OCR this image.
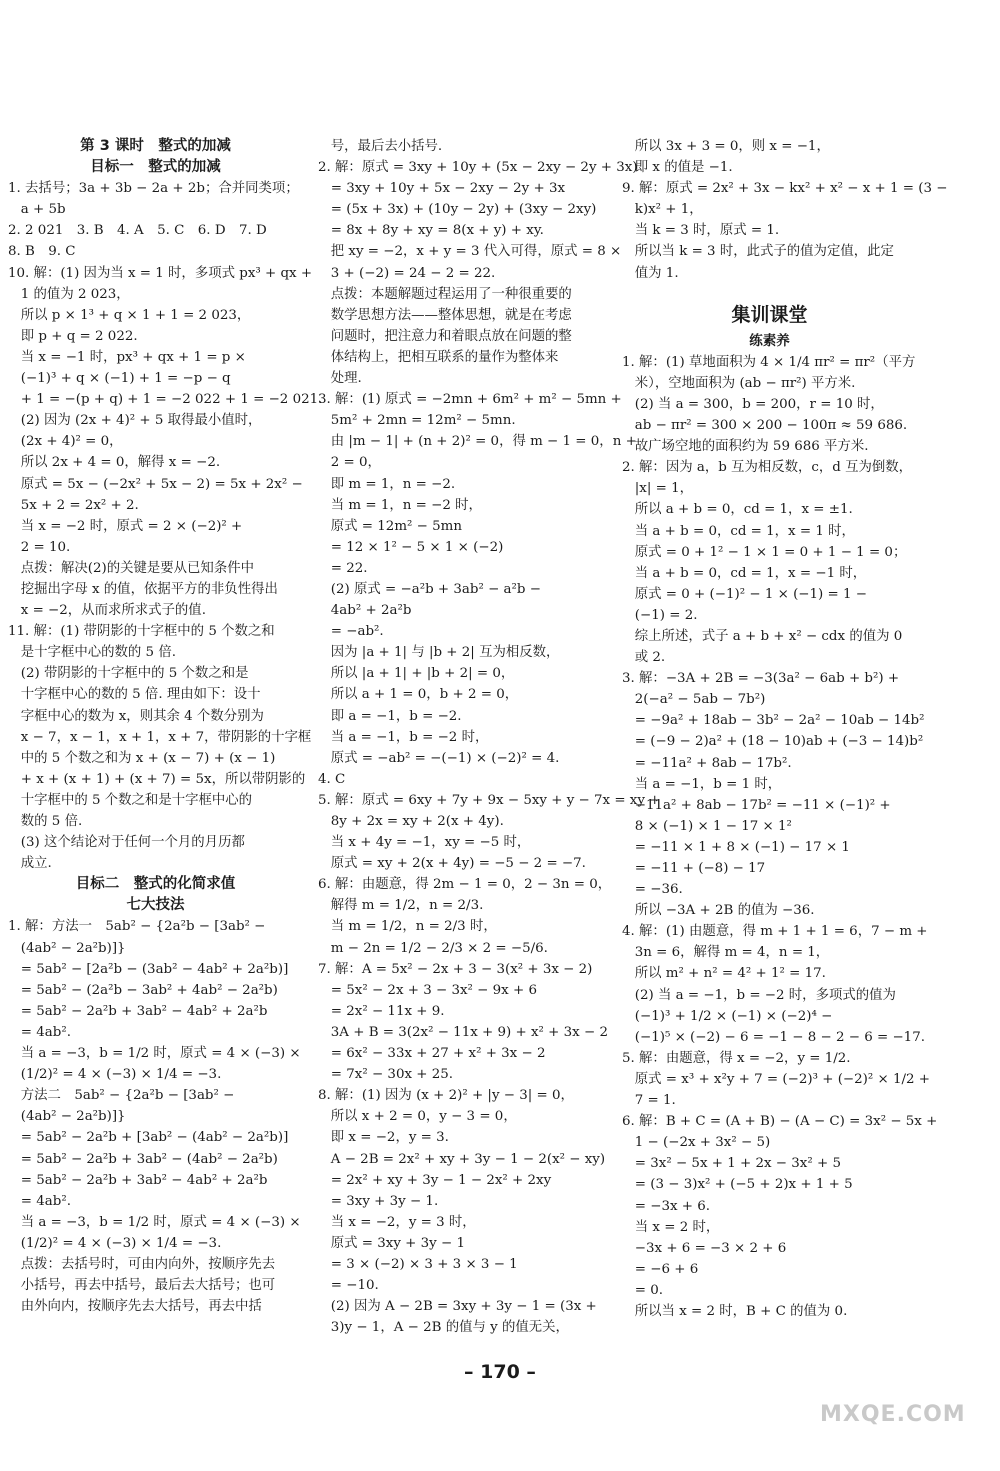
第 3 课时　整式的加减
目标一　整式的加减
1. 去括号；3a + 3b − 2a + 2b；合并同类项；
a + 5b
2. 2 021　3. B　4. A　5. C　6. D　7. D
8. B　9. C
10. 解：(1) 因为当 x = 1 时，多项式 px³ + qx +
1 的值为 2 023，
所以 p × 1³ + q × 1 + 1 = 2 023，
即 p + q = 2 022.
当 x = −1 时，px³ + qx + 1 = p ×
(−1)³ + q × (−1) + 1 = −p − q
+ 1 = −(p + q) + 1 = −2 022 + 1 = −2 021.
(2) 因为 (2x + 4)² + 5 取得最小值时，
(2x + 4)² = 0，
所以 2x + 4 = 0，解得 x = −2.
原式 = 5x − (−2x² + 5x − 2) = 5x + 2x² −
5x + 2 = 2x² + 2.
当 x = −2 时，原式 = 2 × (−2)² +
2 = 10.
点拨：解决(2)的关键是要从已知条件中
挖掘出字母 x 的值，依据平方的非负性得出
x = −2，从而求所求式子的值.
11. 解：(1) 带阴影的十字框中的 5 个数之和
是十字框中心的数的 5 倍.
(2) 带阴影的十字框中的 5 个数之和是
十字框中心的数的 5 倍. 理由如下：设十
字框中心的数为 x，则其余 4 个数分别为
x − 7，x − 1，x + 1，x + 7，带阴影的十字框
中的 5 个数之和为 x + (x − 7) + (x − 1)
+ x + (x + 1) + (x + 7) = 5x，所以带阴影的
十字框中的 5 个数之和是十字框中心的
数的 5 倍.
(3) 这个结论对于任何一个月的月历都
成立.
目标二　整式的化简求值
七大技法
1. 解：方法一　5ab² − {2a²b − [3ab² −
(4ab² − 2a²b)]}
= 5ab² − [2a²b − (3ab² − 4ab² + 2a²b)]
= 5ab² − (2a²b − 3ab² + 4ab² − 2a²b)
= 5ab² − 2a²b + 3ab² − 4ab² + 2a²b
= 4ab².
当 a = −3，b = 1/2 时，原式 = 4 × (−3) ×
(1/2)² = 4 × (−3) × 1/4 = −3.
方法二　5ab² − {2a²b − [3ab² −
(4ab² − 2a²b)]}
= 5ab² − 2a²b + [3ab² − (4ab² − 2a²b)]
= 5ab² − 2a²b + 3ab² − (4ab² − 2a²b)
= 5ab² − 2a²b + 3ab² − 4ab² + 2a²b
= 4ab².
当 a = −3，b = 1/2 时，原式 = 4 × (−3) ×
(1/2)² = 4 × (−3) × 1/4 = −3.
点拨：去括号时，可由内向外，按顺序先去
小括号，再去中括号，最后去大括号；也可
由外向内，按顺序先去大括号，再去中括
号，最后去小括号.
2. 解：原式 = 3xy + 10y + (5x − 2xy − 2y + 3x)
= 3xy + 10y + 5x − 2xy − 2y + 3x
= (5x + 3x) + (10y − 2y) + (3xy − 2xy)
= 8x + 8y + xy = 8(x + y) + xy.
把 xy = −2，x + y = 3 代入可得，原式 = 8 ×
3 + (−2) = 24 − 2 = 22.
点拨：本题解题过程运用了一种很重要的
数学思想方法——整体思想，就是在考虑
问题时，把注意力和着眼点放在问题的整
体结构上，把相互联系的量作为整体来
处理.
3. 解：(1) 原式 = −2mn + 6m² + m² − 5mn +
5m² + 2mn = 12m² − 5mn.
由 |m − 1| + (n + 2)² = 0，得 m − 1 = 0，n +
2 = 0，
即 m = 1，n = −2.
当 m = 1，n = −2 时，
原式 = 12m² − 5mn
= 12 × 1² − 5 × 1 × (−2)
= 22.
(2) 原式 = −a²b + 3ab² − a²b −
4ab² + 2a²b
= −ab².
因为 |a + 1| 与 |b + 2| 互为相反数，
所以 |a + 1| + |b + 2| = 0，
所以 a + 1 = 0，b + 2 = 0，
即 a = −1，b = −2.
当 a = −1，b = −2 时，
原式 = −ab² = −(−1) × (−2)² = 4.
4. C
5. 解：原式 = 6xy + 7y + 9x − 5xy + y − 7x = xy +
8y + 2x = xy + 2(x + 4y).
当 x + 4y = −1，xy = −5 时，
原式 = xy + 2(x + 4y) = −5 − 2 = −7.
6. 解：由题意，得 2m − 1 = 0，2 − 3n = 0，
解得 m = 1/2，n = 2/3.
当 m = 1/2，n = 2/3 时，
m − 2n = 1/2 − 2/3 × 2 = −5/6.
7. 解：A = 5x² − 2x + 3 − 3(x² + 3x − 2)
= 5x² − 2x + 3 − 3x² − 9x + 6
= 2x² − 11x + 9.
3A + B = 3(2x² − 11x + 9) + x² + 3x − 2
= 6x² − 33x + 27 + x² + 3x − 2
= 7x² − 30x + 25.
8. 解：(1) 因为 (x + 2)² + |y − 3| = 0，
所以 x + 2 = 0，y − 3 = 0，
即 x = −2，y = 3.
A − 2B = 2x² + xy + 3y − 1 − 2(x² − xy)
= 2x² + xy + 3y − 1 − 2x² + 2xy
= 3xy + 3y − 1.
当 x = −2，y = 3 时，
原式 = 3xy + 3y − 1
= 3 × (−2) × 3 + 3 × 3 − 1
= −10.
(2) 因为 A − 2B = 3xy + 3y − 1 = (3x +
3)y − 1，A − 2B 的值与 y 的值无关，
所以 3x + 3 = 0，则 x = −1，
即 x 的值是 −1.
9. 解：原式 = 2x² + 3x − kx² + x² − x + 1 = (3 −
k)x² + 1，
当 k = 3 时，原式 = 1.
所以当 k = 3 时，此式子的值为定值，此定
值为 1.
集训课堂
练素养
1. 解：(1) 草地面积为 4 × 1/4 πr² = πr²（平方
米），空地面积为 (ab − πr²) 平方米.
(2) 当 a = 300，b = 200，r = 10 时，
ab − πr² = 300 × 200 − 100π ≈ 59 686.
故广场空地的面积约为 59 686 平方米.
2. 解：因为 a，b 互为相反数，c，d 互为倒数，
|x| = 1，
所以 a + b = 0，cd = 1，x = ±1.
当 a + b = 0，cd = 1，x = 1 时，
原式 = 0 + 1² − 1 × 1 = 0 + 1 − 1 = 0；
当 a + b = 0，cd = 1，x = −1 时，
原式 = 0 + (−1)² − 1 × (−1) = 1 −
(−1) = 2.
综上所述，式子 a + b + x² − cdx 的值为 0
或 2.
3. 解：−3A + 2B = −3(3a² − 6ab + b²) +
2(−a² − 5ab − 7b²)
= −9a² + 18ab − 3b² − 2a² − 10ab − 14b²
= (−9 − 2)a² + (18 − 10)ab + (−3 − 14)b²
= −11a² + 8ab − 17b².
当 a = −1，b = 1 时，
−11a² + 8ab − 17b² = −11 × (−1)² +
8 × (−1) × 1 − 17 × 1²
= −11 × 1 + 8 × (−1) − 17 × 1
= −11 + (−8) − 17
= −36.
所以 −3A + 2B 的值为 −36.
4. 解：(1) 由题意，得 m + 1 + 1 = 6，7 − m +
3n = 6，解得 m = 4，n = 1，
所以 m² + n² = 4² + 1² = 17.
(2) 当 a = −1，b = −2 时，多项式的值为
(−1)³ + 1/2 × (−1) × (−2)⁴ −
(−1)⁵ × (−2) − 6 = −1 − 8 − 2 − 6 = −17.
5. 解：由题意，得 x = −2，y = 1/2.
原式 = x³ + x²y + 7 = (−2)³ + (−2)² × 1/2 +
7 = 1.
6. 解：B + C = (A + B) − (A − C) = 3x² − 5x +
1 − (−2x + 3x² − 5)
= 3x² − 5x + 1 + 2x − 3x² + 5
= (3 − 3)x² + (−5 + 2)x + 1 + 5
= −3x + 6.
当 x = 2 时，
−3x + 6 = −3 × 2 + 6
= −6 + 6
= 0.
所以当 x = 2 时，B + C 的值为 0.
– 170 –
MXQE.COM
